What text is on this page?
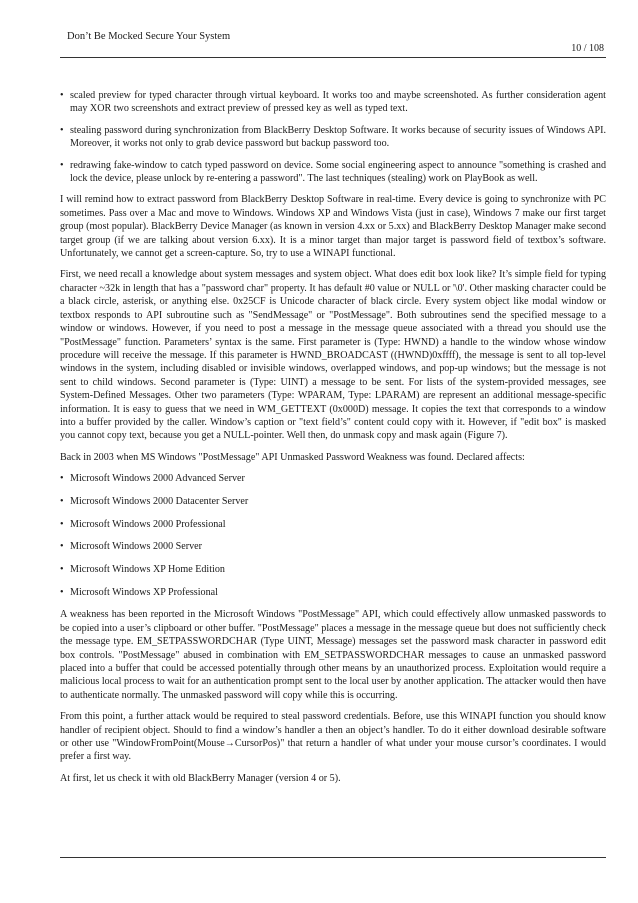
Don’t Be Mocked Secure Your System
10 / 108
• scaled preview for typed character through virtual keyboard. It works too and maybe screenshoted. As further consideration agent may XOR two screenshots and extract preview of pressed key as well as typed text.
• stealing password during synchronization from BlackBerry Desktop Software. It works because of security issues of Windows API. Moreover, it works not only to grab device password but backup password too.
• redrawing fake-window to catch typed password on device. Some social engineering aspect to announce "something is crashed and lock the device, please unlock by re-entering a password". The last techniques (stealing) work on PlayBook as well.

I will remind how to extract password from BlackBerry Desktop Software in real-time. Every device is going to synchronize with PC sometimes. Pass over a Mac and move to Windows. Windows XP and Windows Vista (just in case), Windows 7 make our first target group (most popular). BlackBerry Device Manager (as known in version 4.xx or 5.xx) and BlackBerry Desktop Manager make second target group (if we are talking about version 6.xx). It is a minor target than major target is password field of textbox’s software. Unfortunately, we cannot get a screen-capture. So, try to use a WINAPI functional.

First, we need recall a knowledge about system messages and system object. What does edit box look like? It’s simple field for typing character ~32k in length that has a "password char" property. It has default #0 value or NULL or '\0'. Other masking character could be a black circle, asterisk, or anything else. 0x25CF is Unicode character of black circle. Every system object like modal window or textbox responds to API subroutine such as "SendMessage" or "PostMessage". Both subroutines send the specified message to a window or windows. However, if you need to post a message in the message queue associated with a thread you should use the "PostMessage" function. Parameters’ syntax is the same. First parameter is (Type: HWND) a handle to the window whose window procedure will receive the message. If this parameter is HWND_BROADCAST ((HWND)0xffff), the message is sent to all top-level windows in the system, including disabled or invisible windows, overlapped windows, and pop-up windows; but the message is not sent to child windows. Second parameter is (Type: UINT) a message to be sent. For lists of the system-provided messages, see System-Defined Messages. Other two parameters (Type: WPARAM, Type: LPARAM) are represent an additional message-specific information. It is easy to guess that we need in WM_GETTEXT (0x000D) message. It copies the text that corresponds to a window into a buffer provided by the caller. Window’s caption or "text field’s" content could copy with it. However, if "edit box" is masked you cannot copy text, because you get a NULL-pointer. Well then, do unmask copy and mask again (Figure 7).

Back in 2003 when MS Windows "PostMessage" API Unmasked Password Weakness was found. Declared affects:

• Microsoft Windows 2000 Advanced Server
• Microsoft Windows 2000 Datacenter Server
• Microsoft Windows 2000 Professional
• Microsoft Windows 2000 Server
• Microsoft Windows XP Home Edition
• Microsoft Windows XP Professional

A weakness has been reported in the Microsoft Windows "PostMessage" API, which could effectively allow unmasked passwords to be copied into a user’s clipboard or other buffer. "PostMessage" places a message in the message queue but does not sufficiently check the message type. EM_SETPASSWORDCHAR (Type UINT, Message) messages set the password mask character in password edit box controls. "PostMessage" abused in combination with EM_SETPASSWORDCHAR messages to cause an unmasked password placed into a buffer that could be accessed potentially through other means by an unauthorized process. Exploitation would require a malicious local process to wait for an authentication prompt sent to the local user by another application. The attacker would then have to authenticate normally. The unmasked password will copy while this is occurring.

From this point, a further attack would be required to steal password credentials. Before, use this WINAPI function you should know handler of recipient object. Should to find a window’s handler a then an object’s handler. To do it either download desirable software or other use "WindowFromPoint(Mouse→CursorPos)" that return a handler of what under your mouse cursor’s coordinates. I would prefer a first way.

At first, let us check it with old BlackBerry Manager (version 4 or 5).
